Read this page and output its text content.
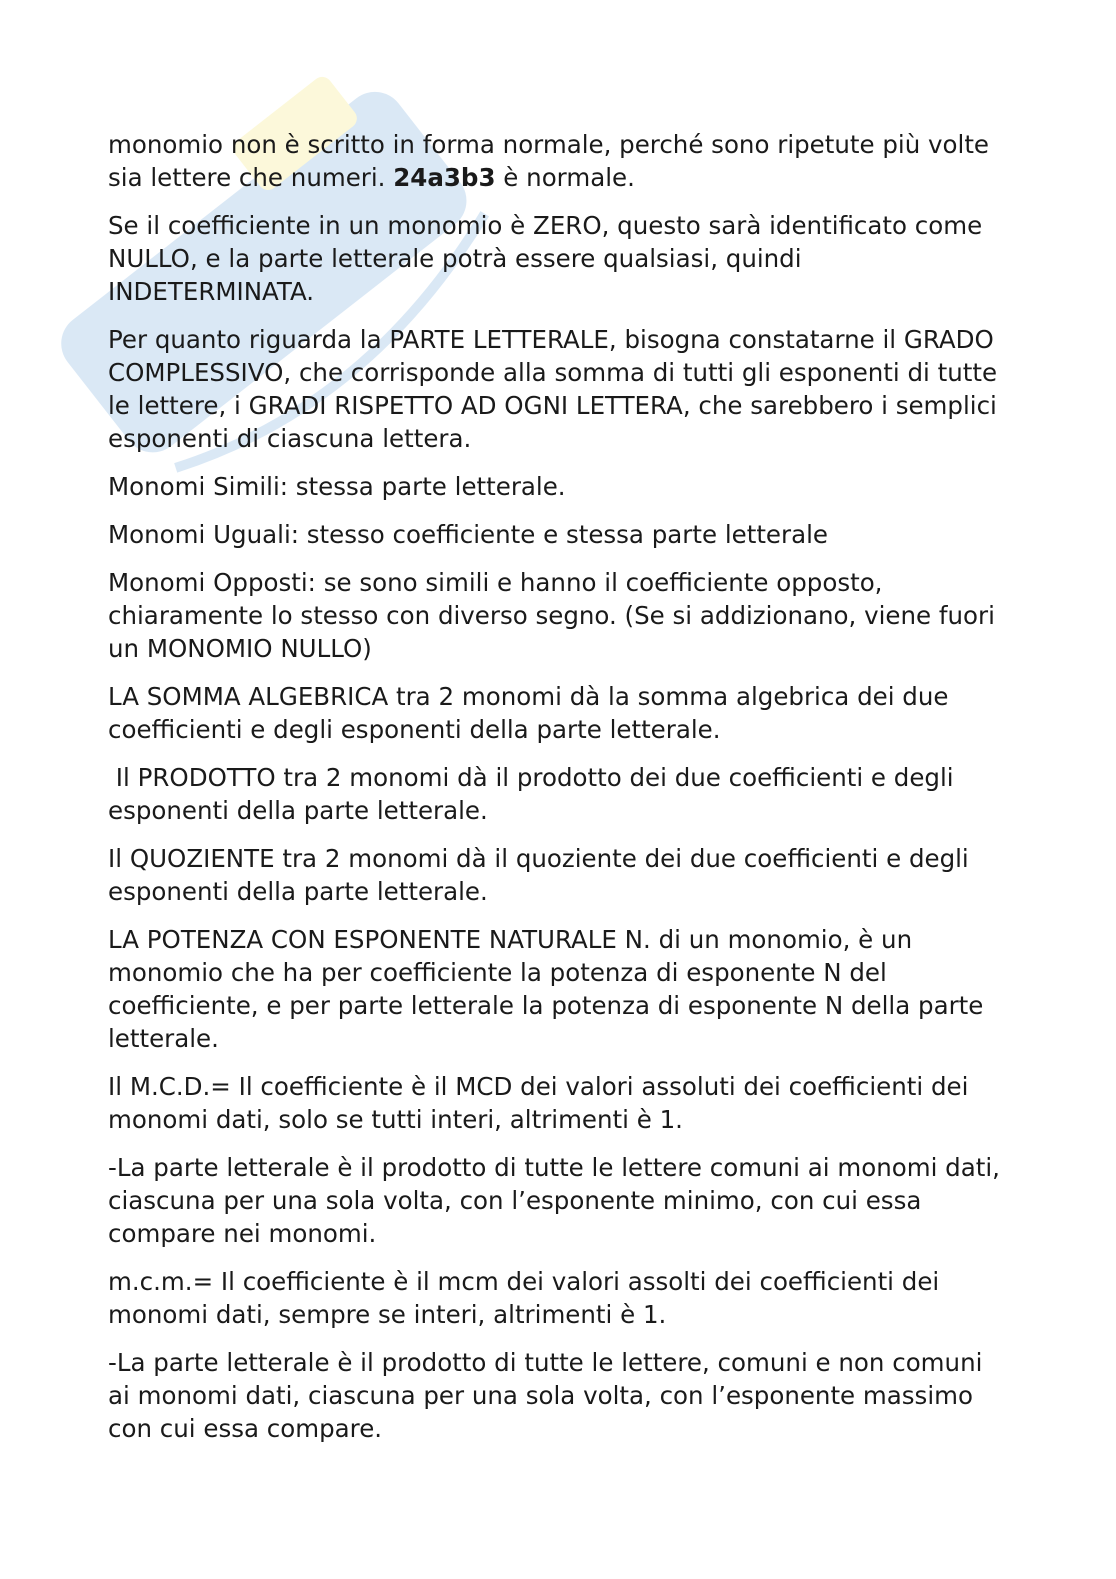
monomio non è scritto in forma normale, perché sono ripetute più volte sia lettere che numeri. 24a3b3 è normale.

Se il coefficiente in un monomio è ZERO, questo sarà identificato come NULLO, e la parte letterale potrà essere qualsiasi, quindi INDETERMINATA.

Per quanto riguarda la PARTE LETTERALE, bisogna constatarne il GRADO COMPLESSIVO, che corrisponde alla somma di tutti gli esponenti di tutte le lettere, i GRADI RISPETTO AD OGNI LETTERA, che sarebbero i semplici esponenti di ciascuna lettera.

Monomi Simili: stessa parte letterale.

Monomi Uguali: stesso coefficiente e stessa parte letterale

Monomi Opposti: se sono simili e hanno il coefficiente opposto, chiaramente lo stesso con diverso segno. (Se si addizionano, viene fuori un MONOMIO NULLO)

LA SOMMA ALGEBRICA tra 2 monomi dà la somma algebrica dei due coefficienti e degli esponenti della parte letterale.

Il PRODOTTO tra 2 monomi dà il prodotto dei due coefficienti e degli esponenti della parte letterale.

Il QUOZIENTE tra 2 monomi dà il quoziente dei due coefficienti e degli esponenti della parte letterale.

LA POTENZA CON ESPONENTE NATURALE N. di un monomio, è un monomio che ha per coefficiente la potenza di esponente N del coefficiente, e per parte letterale la potenza di esponente N della parte letterale.

Il M.C.D.= Il coefficiente è il MCD dei valori assoluti dei coefficienti dei monomi dati, solo se tutti interi, altrimenti è 1.

-La parte letterale è il prodotto di tutte le lettere comuni ai monomi dati, ciascuna per una sola volta, con l’esponente minimo, con cui essa compare nei monomi.

m.c.m.= Il coefficiente è il mcm dei valori assolti dei coefficienti dei monomi dati, sempre se interi, altrimenti è 1.

-La parte letterale è il prodotto di tutte le lettere, comuni e non comuni ai monomi dati, ciascuna per una sola volta, con l’esponente massimo con cui essa compare.
